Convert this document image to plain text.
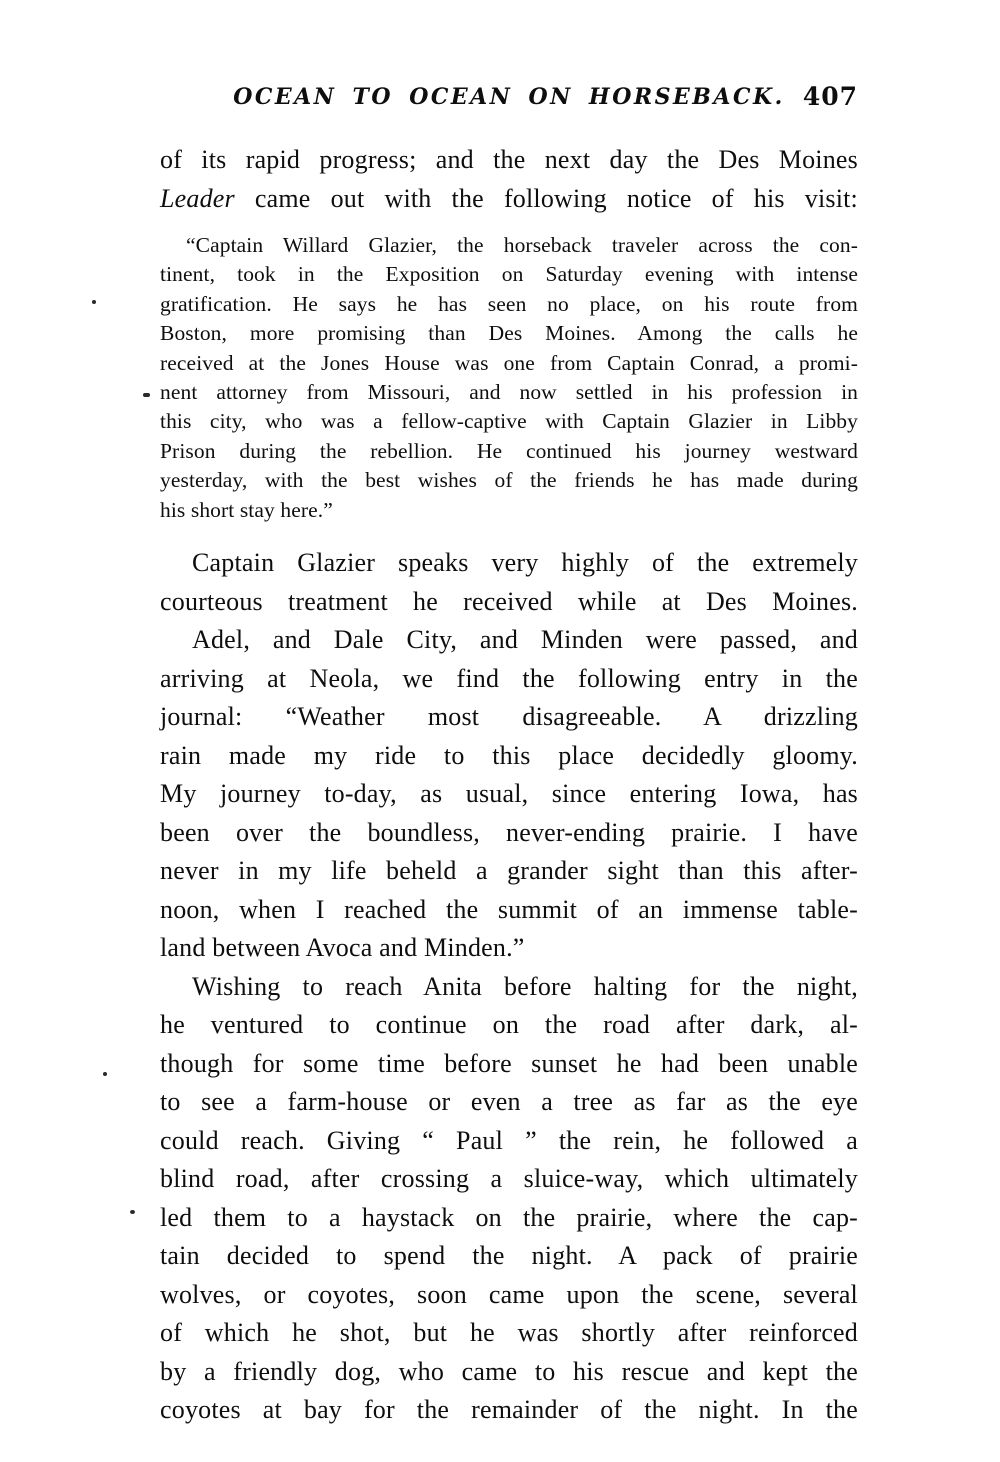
OCEAN TO OCEAN ON HORSEBACK. 407
of its rapid progress; and the next day the Des Moines
Leader came out with the following notice of his visit:
“Captain Willard Glazier, the horseback traveler across the con-
tinent, took in the Exposition on Saturday evening with intense
gratification. He says he has seen no place, on his route from
Boston, more promising than Des Moines. Among the calls he
received at the Jones House was one from Captain Conrad, a promi-
nent attorney from Missouri, and now settled in his profession in
this city, who was a fellow-captive with Captain Glazier in Libby
Prison during the rebellion. He continued his journey westward
yesterday, with the best wishes of the friends he has made during
his short stay here.”
Captain Glazier speaks very highly of the extremely
courteous treatment he received while at Des Moines.
Adel, and Dale City, and Minden were passed, and
arriving at Neola, we find the following entry in the
journal: “Weather most disagreeable. A drizzling
rain made my ride to this place decidedly gloomy.
My journey to-day, as usual, since entering Iowa, has
been over the boundless, never-ending prairie. I have
never in my life beheld a grander sight than this after-
noon, when I reached the summit of an immense table-
land between Avoca and Minden.”
Wishing to reach Anita before halting for the night,
he ventured to continue on the road after dark, al-
though for some time before sunset he had been unable
to see a farm-house or even a tree as far as the eye
could reach. Giving “ Paul ” the rein, he followed a
blind road, after crossing a sluice-way, which ultimately
led them to a haystack on the prairie, where the cap-
tain decided to spend the night. A pack of prairie
wolves, or coyotes, soon came upon the scene, several
of which he shot, but he was shortly after reinforced
by a friendly dog, who came to his rescue and kept the
coyotes at bay for the remainder of the night. In the
